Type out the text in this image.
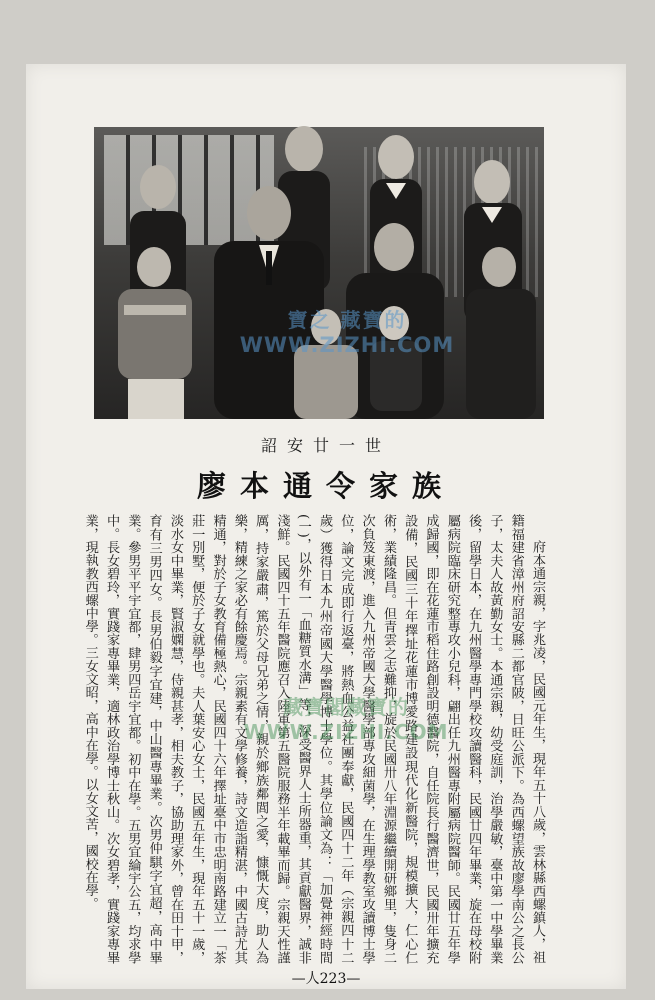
寶之 藏寶的
WWW.ZIZHI.COM
詔安廿一世
廖本通令家族

府本通宗親，字兆凌，民國元年生，現年五十八歲，雲林縣西螺鎮人，祖籍福建省漳州府詔安縣二都官陂，日旺公派下。為西螺望族故廖學南公之長公子，太夫人故黃勤女士。本通宗親，幼受庭訓，治學嚴敏，臺中第一中學畢業後，留學日本，在九州醫學專門學校攻讀醫科，民國廿四年畢業，旋在母校附屬病院臨床研究整專攻小兒科，翩出任九州醫專附屬病院醫師。民國廿五年學成歸國，即在花蓮市稻住路創設明德醫院，自任院長行醫濟世，民國卅年擴充設備，民國三十年擇址花蓮市博愛路建設現代化新醫院，規模擴大，仁心仁術，業績隆昌。但青雲之志難抑，旋於民國卅八年淵源繼續開研鄉里，隻身二次負笈東渡，進入九州帝國大學醫學部專攻細菌學，在生理學教室攻讀博士學位，論文完成即行返臺，將熱血公益社團奉獻，民國四十二年（宗親四十二歲）獲得日本九州帝國大學醫學博士學位。其學位論文為：「加覺神經時間(一)，以外有一「血糖質水溝」等，深受醫界人士所器重，其貢獻醫界，誠非淺鮮。民國四十五年醫院應召入陸軍第五醫院服務半年載畢而歸。宗親天性謹厲，持家嚴肅，篤於父母兄弟之情，親於鄉族鄰閭之愛，慷慨大度，助人為樂，精練之家必有餘慶焉。宗親素有文學修養，詩文造詣精湛，中國古詩尤其精通，對於子女教育備極熱心，民國四十六年擇址臺中市忠明南路建立一「茶莊一別墅，便於子女就學也。夫人葉安心女士，民國五年生，現年五十一歲，淡水女中畢業，賢淑嫻慧，侍親甚孝，相夫教子，協助理家外，曾在田十甲，育有三男四女。長男伯毅字宜建，中山醫專畢業。次男仲騏字宜超，高中畢業。參男平平宇宜都，肆男四岳宇宜都。初中在學。五男宜綸宇公五，均求學中。長女碧玲，實踐家專畢業，適林政治學博士秋山。次女碧孝，實踐家專畢業，現執教西螺中學。三女文昭，高中在學。以女文苦，國校在學。	藏寶閣藏寶的
WWW.ZIZHI.COM
—人223—
